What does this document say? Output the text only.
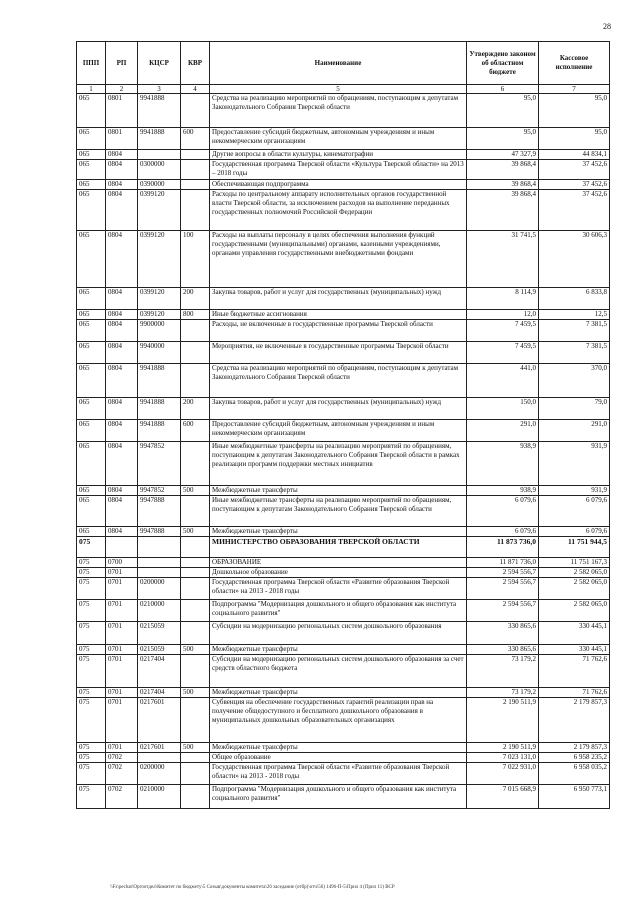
28
ППП	РП	КЦСР	КВР	Наименование	Утверждено законом об областном бюджете	Кассовое исполнение
1	2	3	4	5	6	7
065	0801	9941888		Средства на реализацию мероприятий по обращениям, поступающим к депутатам Законодательного Собрания Тверской области	95,0	95,0
065	0801	9941888	600	Предоставление субсидий бюджетным, автономным учреждениям и иным некоммерческим организациям	95,0	95,0
065	0804			Другие вопросы в области культуры, кинематографии	47 327,9	44 834,1
065	0804	0300000		Государственная программа Тверской области «Культура Тверской области» на 2013 – 2018 годы	39 868,4	37 452,6
065	0804	0390000		Обеспечивающая подпрограмма	39 868,4	37 452,6
065	0804	0399120		Расходы по центральному аппарату исполнительных органов государственной власти Тверской области, за исключением расходов на выполнение переданных государственных полномочий Российской Федерации	39 868,4	37 452,6
065	0804	0399120	100	Расходы на выплаты персоналу в целях обеспечения выполнения функций государственными (муниципальными) органами, казенными учреждениями, органами управления государственными внебюджетными фондами	31 741,5	30 606,3
065	0804	0399120	200	Закупка товаров, работ и услуг для государственных (муниципальных) нужд	8 114,9	6 833,8
065	0804	0399120	800	Иные бюджетные ассигнования	12,0	12,5
065	0804	9900000		Расходы, не включенные в государственные программы Тверской области	7 459,5	7 381,5
065	0804	9940000		Мероприятия, не включенные в государственные программы Тверской области	7 459,5	7 381,5
065	0804	9941888		Средства на реализацию мероприятий по обращениям, поступающим к депутатам Законодательного Собрания Тверской области	441,0	370,0
065	0804	9941888	200	Закупка товаров, работ и услуг для государственных (муниципальных) нужд	150,0	79,0
065	0804	9941888	600	Предоставление субсидий бюджетным, автономным учреждениям и иным некоммерческим организациям	291,0	291,0
065	0804	9947852		Иные межбюджетные трансферты на реализацию мероприятий по обращениям, поступающим к депутатам Законодательного Собрания Тверской области в рамках реализации программ поддержки местных инициатив	938,9	931,9
065	0804	9947852	500	Межбюджетные трансферты	938,9	931,9
065	0804	9947888		Иные межбюджетные трансферты на реализацию мероприятий по обращениям, поступающим к депутатам Законодательного Собрания Тверской области	6 079,6	6 079,6
065	0804	9947888	500	Межбюджетные трансферты	6 079,6	6 079,6
075				МИНИСТЕРСТВО ОБРАЗОВАНИЯ ТВЕРСКОЙ ОБЛАСТИ	11 873 736,0	11 751 944,5
075	0700			ОБРАЗОВАНИЕ	11 871 736,0	11 751 167,3
075	0701			Дошкольное образование	2 594 556,7	2 582 065,0
075	0701	0200000		Государственная программа Тверской области «Развитие образования Тверской области» на 2013 - 2018 годы	2 594 556,7	2 582 065,0
075	0701	0210000		Подпрограмма "Модернизация дошкольного и общего образования как института социального развития"	2 594 556,7	2 582 065,0
075	0701	0215059		Субсидии на модернизацию региональных систем дошкольного образования	330 865,6	330 445,1
075	0701	0215059	500	Межбюджетные трансферты	330 865,6	330 445,1
075	0701	0217404		Субсидии на модернизацию региональных систем дошкольного образования за счет средств областного бюджета	73 179,2	71 762,6
075	0701	0217404	500	Межбюджетные трансферты	73 179,2	71 762,6
075	0701	0217601		Субвенция на обеспечение государственных гарантий реализации прав на получение общедоступного и бесплатного дошкольного образования в муниципальных дошкольных образовательных организациях	2 190 511,9	2 179 857,3
075	0701	0217601	500	Межбюджетные трансферты	2 190 511,9	2 179 857,3
075	0702			Общее образование	7 023 131,0	6 958 235,2
075	0702	0200000		Государственная программа Тверской области «Развитие образования Тверской области» на 2013 - 2018 годы	7 022 931,0	6 958 035,2
075	0702	0210000		Подпрограмма "Модернизация дошкольного и общего образования как института социального развития"	7 015 668,9	6 950 773,1
\\Fs\pechat\Оргоотдел\Комитет по бюджету\5 Созыв\документы комитета\26 заседание (отбр)\отч\56) 1496-П-5\Прил 4 (Прил 11) ВСР
